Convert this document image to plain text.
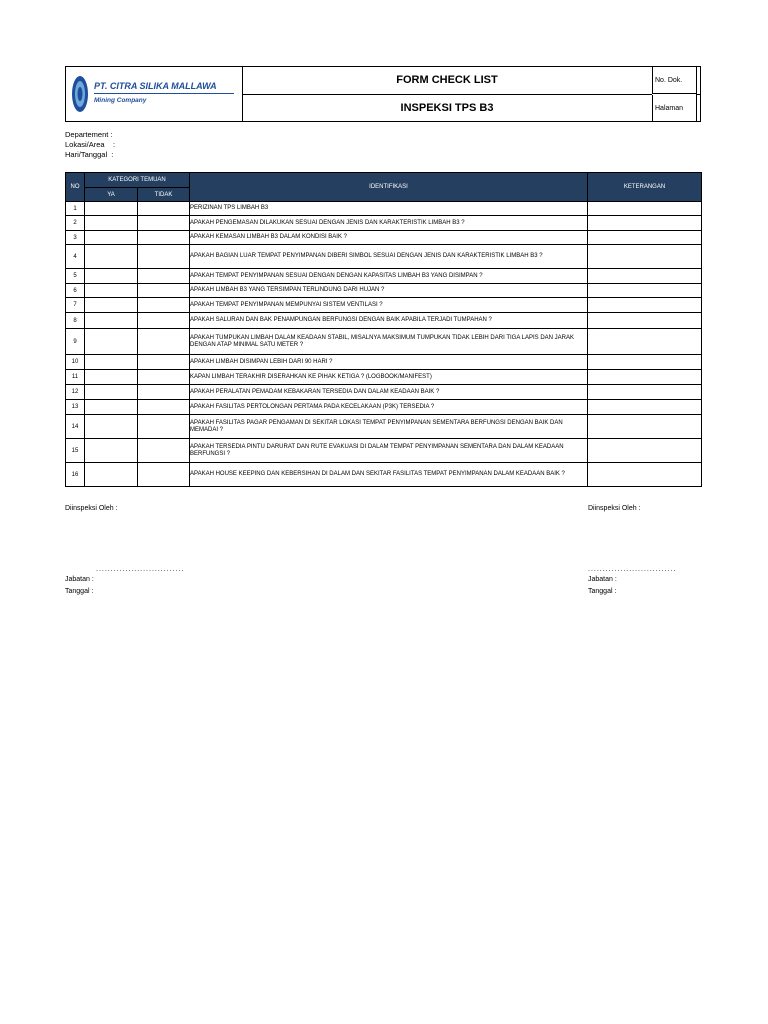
PT. CITRA SILIKA MALLAWA
Mining Company
FORM CHECK LIST
INSPEKSI TPS B3
No. Dok.
Halaman
Departement :
Lokasi/Area    :
Hari/Tanggal  :
NO	KATEGORI TEMUAN		IDENTIFIKASI	KETERANGAN
	YA	TIDAK		
1			PERIZINAN TPS LIMBAH B3	
2			APAKAH PENGEMASAN DILAKUKAN SESUAI DENGAN JENIS DAN KARAKTERISTIK LIMBAH B3 ?	
3			APAKAH KEMASAN LIMBAH B3 DALAM KONDISI BAIK ?	
4			APAKAH BAGIAN LUAR TEMPAT PENYIMPANAN DIBERI SIMBOL SESUAI DENGAN JENIS DAN KARAKTERISTIK LIMBAH B3 ?	
5			APAKAH TEMPAT PENYIMPANAN SESUAI DENGAN DENGAN KAPASITAS LIMBAH B3 YANG DISIMPAN ?	
6			APAKAH LIMBAH B3 YANG TERSIMPAN TERLINDUNG DARI HUJAN ?	
7			APAKAH TEMPAT PENYIMPANAN MEMPUNYAI SISTEM VENTILASI ?	
8			APAKAH SALURAN DAN BAK PENAMPUNGAN BERFUNGSI DENGAN BAIK APABILA TERJADI TUMPAHAN ?	
9			APAKAH TUMPUKAN LIMBAH DALAM KEADAAN STABIL, MISALNYA MAKSIMUM TUMPUKAN TIDAK LEBIH DARI TIGA LAPIS DAN JARAK DENGAN ATAP MINIMAL SATU METER ?	
10			APAKAH LIMBAH DISIMPAN LEBIH DARI 90 HARI ?	
11			KAPAN LIMBAH TERAKHIR DISERAHKAN KE PIHAK KETIGA ? (LOGBOOK/MANIFEST)	
12			APAKAH PERALATAN PEMADAM KEBAKARAN TERSEDIA DAN DALAM KEADAAN BAIK ?	
13			APAKAH FASILITAS PERTOLONGAN PERTAMA PADA KECELAKAAN (P3K) TERSEDIA ?	
14			APAKAH FASILITAS PAGAR PENGAMAN DI SEKITAR LOKASI TEMPAT PENYIMPANAN SEMENTARA BERFUNGSI DENGAN BAIK DAN MEMADAI ?	
15			APAKAH TERSEDIA PINTU DARURAT DAN RUTE EVAKUASI DI DALAM TEMPAT PENYIMPANAN SEMENTARA DAN DALAM KEADAAN BERFUNGSI ?	
16			APAKAH HOUSE KEEPING DAN KEBERSIHAN DI DALAM DAN SEKITAR FASILITAS TEMPAT PENYIMPANAN DALAM KEADAAN BAIK ?	
Diinspeksi Oleh :	Diinspeksi Oleh :
..............................	..............................
Jabatan :	Jabatan :
Tanggal :	Tanggal :
